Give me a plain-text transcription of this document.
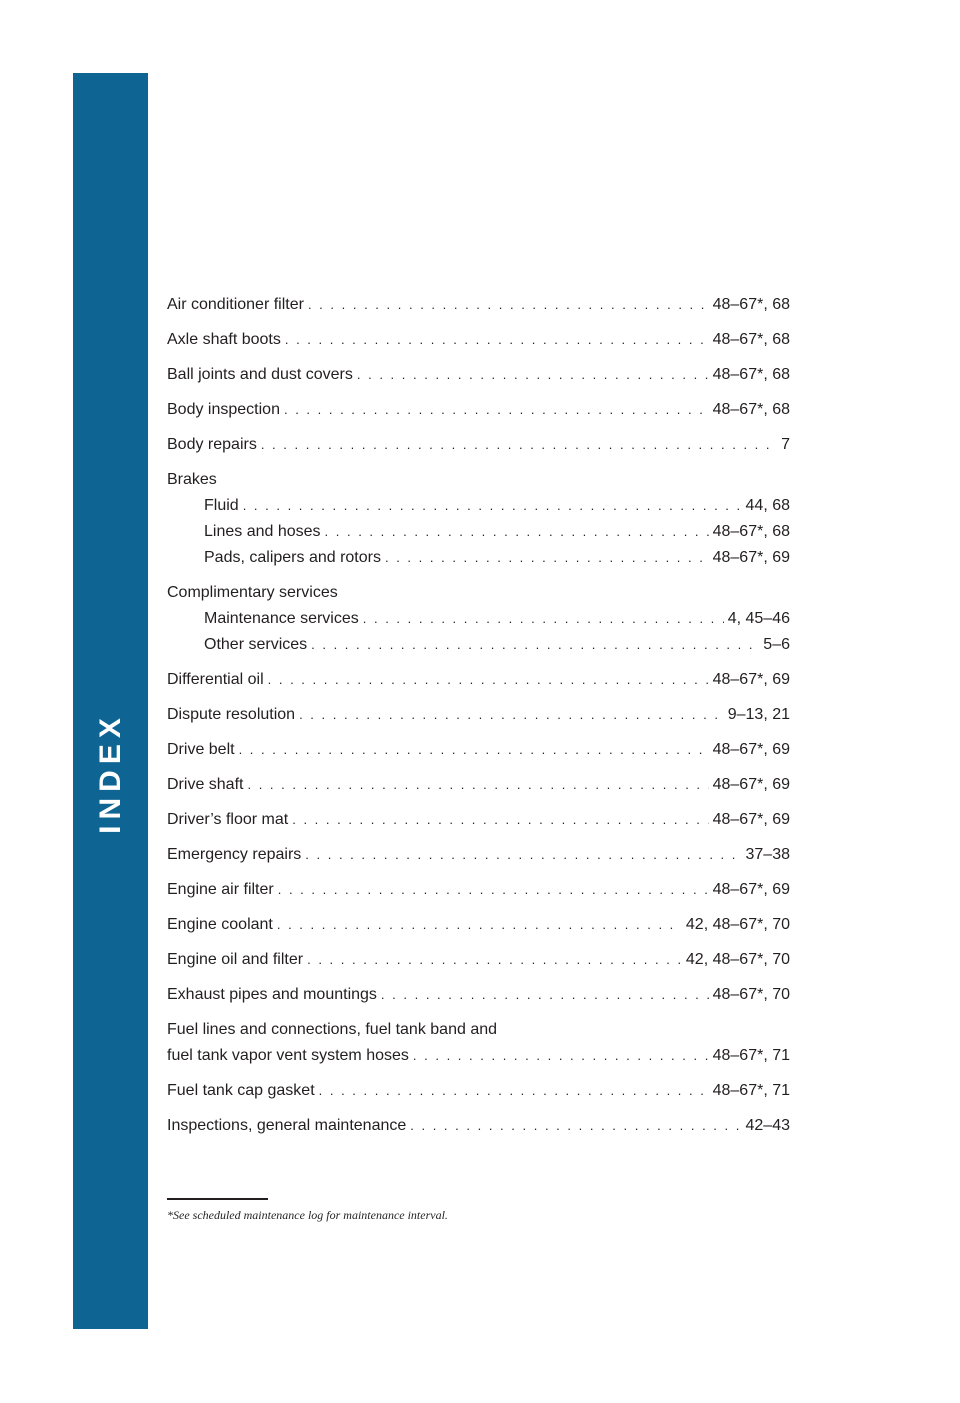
INDEX
74
Air conditioner filter . . .	48–67*, 68
Axle shaft boots . . .	48–67*, 68
Ball joints and dust covers . . .	48–67*, 68
Body inspection . . .	48–67*, 68
Body repairs . . .	7
Brakes
Fluid . . .	44, 68
Lines and hoses . . .	48–67*, 68
Pads, calipers and rotors . . .	48–67*, 69
Complimentary services
Maintenance services . . .	4, 45–46
Other services . . .	5–6
Differential oil . . .	48–67*, 69
Dispute resolution . . .	9–13, 21
Drive belt . . .	48–67*, 69
Drive shaft . . .	48–67*, 69
Driver’s floor mat . . .	48–67*, 69
Emergency repairs . . .	37–38
Engine air filter . . .	48–67*, 69
Engine coolant . . .	42, 48–67*, 70
Engine oil and filter . . .	42, 48–67*, 70
Exhaust pipes and mountings . . .	48–67*, 70
Fuel lines and connections, fuel tank band and
fuel tank vapor vent system hoses . . .	48–67*, 71
Fuel tank cap gasket . . .	48–67*, 71
Inspections, general maintenance . . .	42–43
*See scheduled maintenance log for maintenance interval.
